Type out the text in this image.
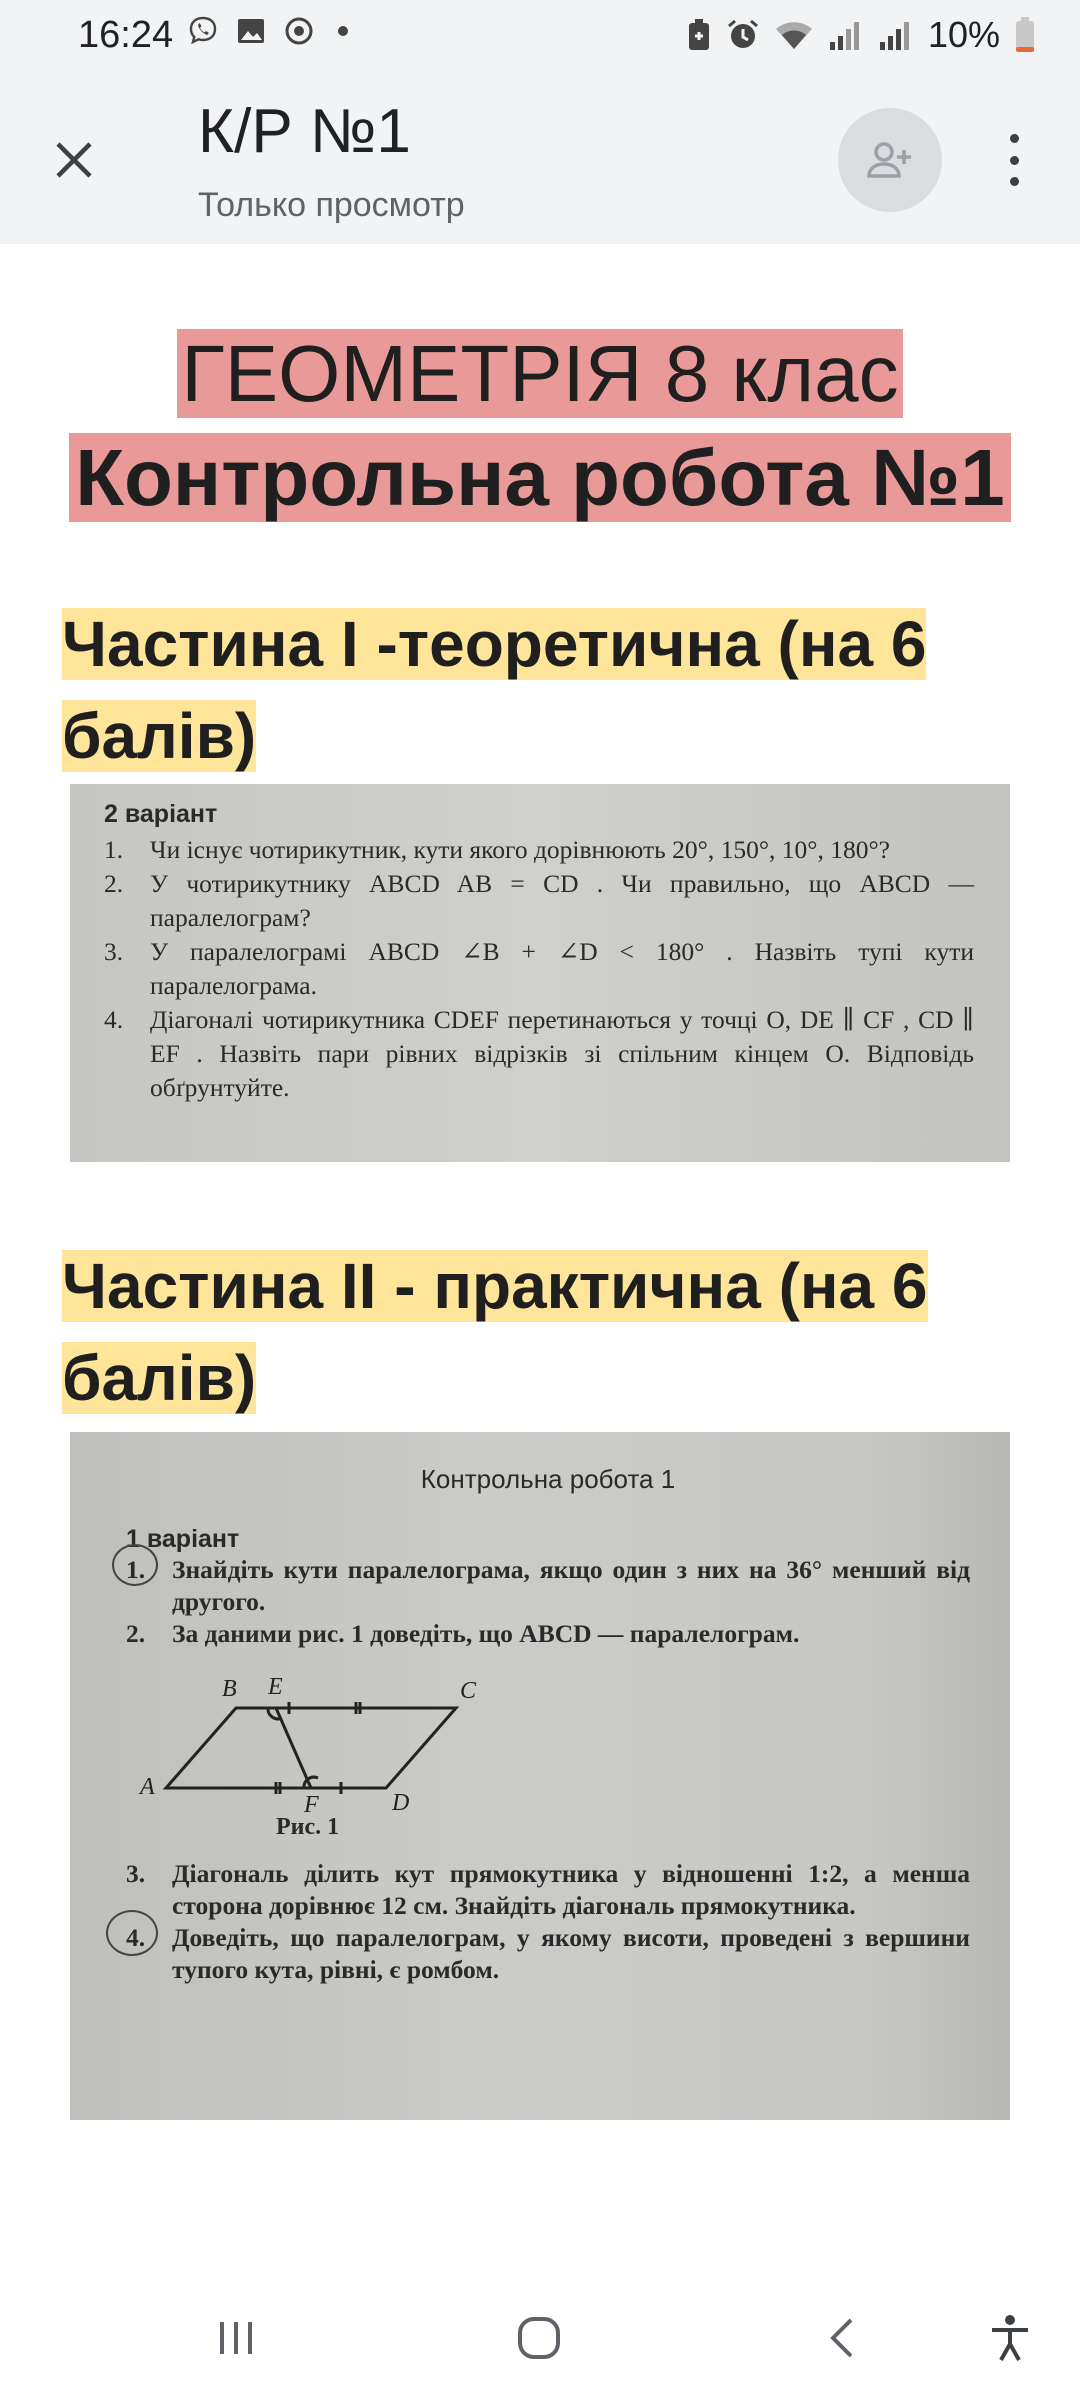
16:24	10%
К/Р №1
Только просмотр
ГЕОМЕТРІЯ 8 клас
Контрольна робота №1
Частина І -теоретична (на 6 балів)
2 варіант
1.	Чи існує чотирикутник, кути якого дорівнюють 20°, 150°, 10°, 180°?
2.	У чотирикутнику ABCD AB = CD . Чи правильно, що ABCD — паралелограм?
3.	У паралелограмі ABCD ∠B + ∠D < 180° . Назвіть тупі кути паралелограма.
4.	Діагоналі чотирикутника CDEF перетинаються у точці O, DE ∥ CF , CD ∥ EF . Назвіть пари рівних відрізків зі спільним кінцем O. Відповідь обґрунтуйте.
Частина ІІ - практична (на 6 балів)
Контрольна робота 1
1 варіант
1.	Знайдіть кути паралелограма, якщо один з них на 36° менший від другого.
2.	За даними рис. 1 доведіть, що ABCD — паралелограм.
A
B	C
D
E
F
Рис. 1
3.	Діагональ ділить кут прямокутника у відношенні 1:2, а менша сторона дорівнює 12 см. Знайдіть діагональ прямокутника.
4.	Доведіть, що паралелограм, у якому висоти, проведені з вершини тупого кута, рівні, є ромбом.
